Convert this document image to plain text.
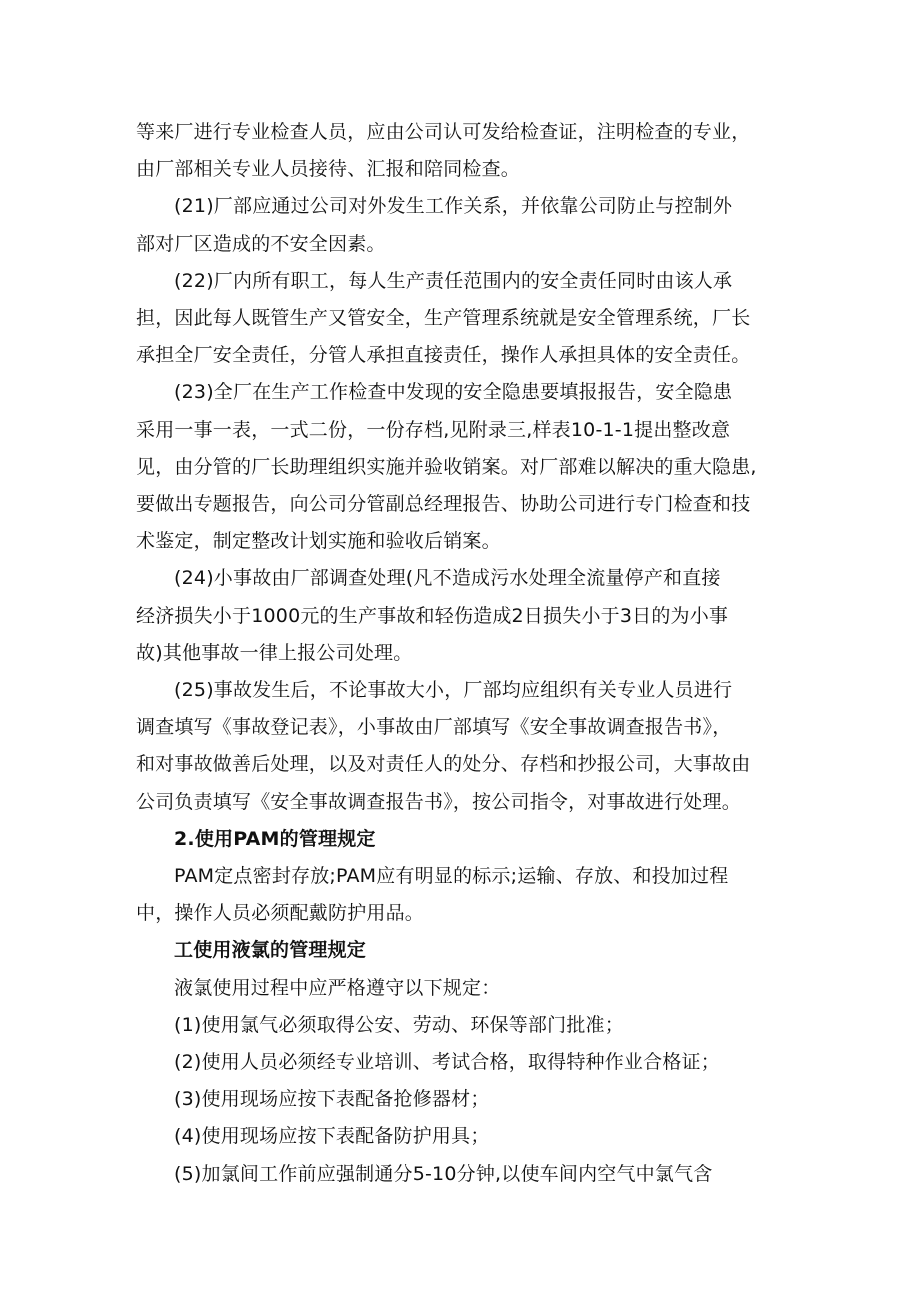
等来厂进行专业检查人员，应由公司认可发给检查证，注明检查的专业，
由厂部相关专业人员接待、汇报和陪同检查。

(21)厂部应通过公司对外发生工作关系，并依靠公司防止与控制外
部对厂区造成的不安全因素。

(22)厂内所有职工，每人生产责任范围内的安全责任同时由该人承
担，因此每人既管生产又管安全，生产管理系统就是安全管理系统，厂长
承担全厂安全责任，分管人承担直接责任，操作人承担具体的安全责任。

(23)全厂在生产工作检查中发现的安全隐患要填报报告，安全隐患
采用一事一表，一式二份，一份存档,见附录三,样表10-1-1提出整改意
见，由分管的厂长助理组织实施并验收销案。对厂部难以解决的重大隐患,
要做出专题报告，向公司分管副总经理报告、协助公司进行专门检查和技
术鉴定，制定整改计划实施和验收后销案。

(24)小事故由厂部调查处理(凡不造成污水处理全流量停产和直接
经济损失小于1000元的生产事故和轻伤造成2日损失小于3日的为小事
故)其他事故一律上报公司处理。

(25)事故发生后，不论事故大小，厂部均应组织有关专业人员进行
调查填写《事故登记表》，小事故由厂部填写《安全事故调查报告书》，
和对事故做善后处理，以及对责任人的处分、存档和抄报公司，大事故由
公司负责填写《安全事故调查报告书》，按公司指令，对事故进行处理。

2.使用PAM的管理规定

PAM定点密封存放;PAM应有明显的标示;运输、存放、和投加过程
中，操作人员必须配戴防护用品。

工使用液氯的管理规定

液氯使用过程中应严格遵守以下规定：

(1)使用氯气必须取得公安、劳动、环保等部门批准；

(2)使用人员必须经专业培训、考试合格，取得特种作业合格证；

(3)使用现场应按下表配备抢修器材；

(4)使用现场应按下表配备防护用具；

(5)加氯间工作前应强制通分5-10分钟,以使车间内空气中氯气含
